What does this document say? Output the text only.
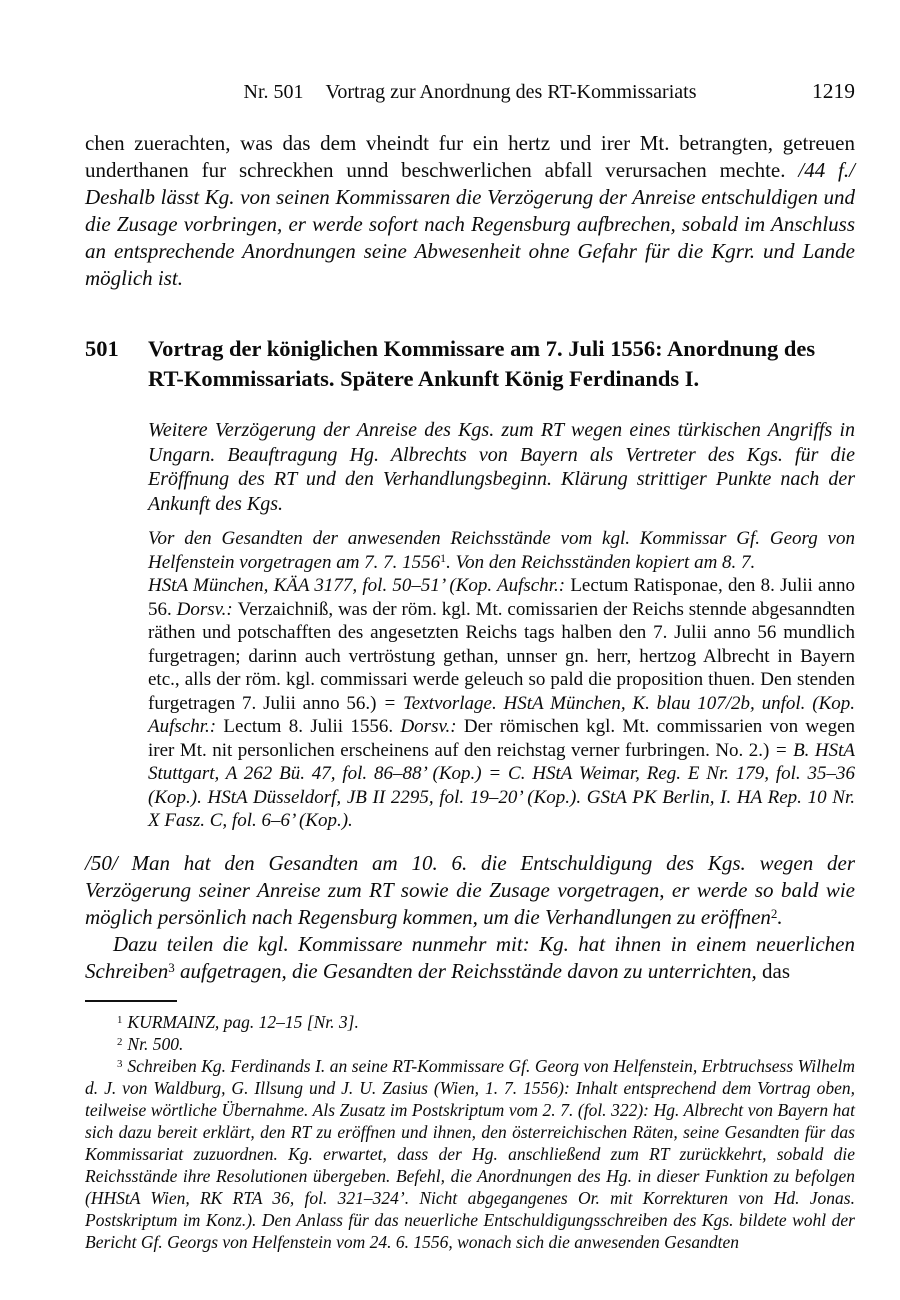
Nr. 501 Vortrag zur Anordnung des RT-Kommissariats	1219
chen zuerachten, was das dem vheindt fur ein hertz und irer Mt. betrangten, getreuen underthanen fur schreckhen unnd beschwerlichen abfall verursachen mechte. /44 f./ Deshalb lässt Kg. von seinen Kommissaren die Verzögerung der Anreise entschuldigen und die Zusage vorbringen, er werde sofort nach Regensburg aufbrechen, sobald im Anschluss an entsprechende Anordnungen seine Abwesenheit ohne Gefahr für die Kgrr. und Lande möglich ist.
501	Vortrag der königlichen Kommissare am 7. Juli 1556: Anordnung des RT-Kommissariats. Spätere Ankunft König Ferdinands I.
Weitere Verzögerung der Anreise des Kgs. zum RT wegen eines türkischen Angriffs in Ungarn. Beauftragung Hg. Albrechts von Bayern als Vertreter des Kgs. für die Eröffnung des RT und den Verhandlungsbeginn. Klärung strittiger Punkte nach der Ankunft des Kgs.
Vor den Gesandten der anwesenden Reichsstände vom kgl. Kommissar Gf. Georg von Helfenstein vorgetragen am 7. 7. 1556$^1$. Von den Reichsständen kopiert am 8. 7.
HStA München, KÄA 3177, fol. 50–51’ (Kop. Aufschr.: Lectum Ratisponae, den 8. Julii anno 56. Dorsv.: Verzaichniß, was der röm. kgl. Mt. comissarien der Reichs stennde abgesanndten räthen und potschafften des angesetzten Reichs tags halben den 7. Julii anno 56 mundlich furgetragen; darinn auch vertröstung gethan, unnser gn. herr, hertzog Albrecht in Bayern etc., alls der röm. kgl. commissari werde geleuch so pald die proposition thuen. Den stenden furgetragen 7. Julii anno 56.) = Textvorlage. HStA München, K. blau 107/2b, unfol. (Kop. Aufschr.: Lectum 8. Julii 1556. Dorsv.: Der römischen kgl. Mt. commissarien von wegen irer Mt. nit personlichen erscheinens auf den reichstag verner furbringen. No. 2.) = B. HStA Stuttgart, A 262 Bü. 47, fol. 86–88’ (Kop.) = C. HStA Weimar, Reg. E Nr. 179, fol. 35–36 (Kop.). HStA Düsseldorf, JB II 2295, fol. 19–20’ (Kop.). GStA PK Berlin, I. HA Rep. 10 Nr. X Fasz. C, fol. 6–6’ (Kop.).
/50/ Man hat den Gesandten am 10. 6. die Entschuldigung des Kgs. wegen der Verzögerung seiner Anreise zum RT sowie die Zusage vorgetragen, er werde so bald wie möglich persönlich nach Regensburg kommen, um die Verhandlungen zu eröffnen$^2$.
Dazu teilen die kgl. Kommissare nunmehr mit: Kg. hat ihnen in einem neuerlichen Schreiben$^3$ aufgetragen, die Gesandten der Reichsstände davon zu unterrichten, das
$^1$ KURMAINZ, pag. 12–15 [Nr. 3].
$^2$ Nr. 500.
$^3$ Schreiben Kg. Ferdinands I. an seine RT-Kommissare Gf. Georg von Helfenstein, Erbtruchsess Wilhelm d. J. von Waldburg, G. Illsung und J. U. Zasius (Wien, 1. 7. 1556): Inhalt entsprechend dem Vortrag oben, teilweise wörtliche Übernahme. Als Zusatz im Postskriptum vom 2. 7. (fol. 322): Hg. Albrecht von Bayern hat sich dazu bereit erklärt, den RT zu eröffnen und ihnen, den österreichischen Räten, seine Gesandten für das Kommissariat zuzuordnen. Kg. erwartet, dass der Hg. anschließend zum RT zurückkehrt, sobald die Reichsstände ihre Resolutionen übergeben. Befehl, die Anordnungen des Hg. in dieser Funktion zu befolgen (HHStA Wien, RK RTA 36, fol. 321–324’. Nicht abgegangenes Or. mit Korrekturen von Hd. Jonas. Postskriptum im Konz.). Den Anlass für das neuerliche Entschuldigungsschreiben des Kgs. bildete wohl der Bericht Gf. Georgs von Helfenstein vom 24. 6. 1556, wonach sich die anwesenden Gesandten
